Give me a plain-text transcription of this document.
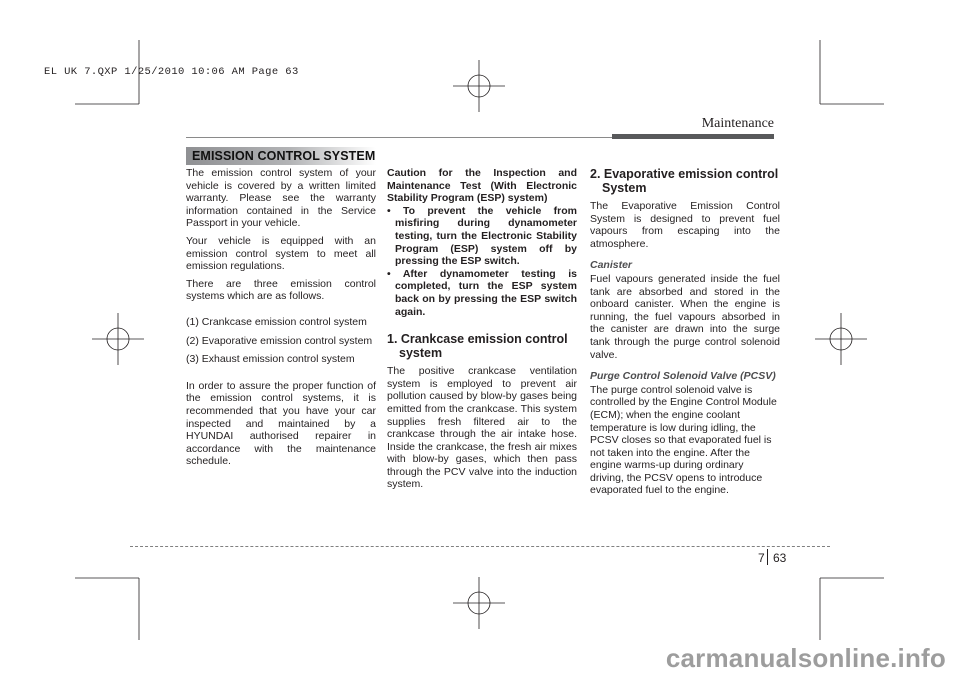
EL UK 7.QXP 1/25/2010 10:06 AM Page 63
Maintenance
EMISSION CONTROL SYSTEM

The emission control system of your vehicle is covered by a written limited warranty. Please see the warranty information contained in the Service Passport in your vehicle.

Your vehicle is equipped with an emission control system to meet all emission regulations.

There are three emission control systems which are as follows.

(1) Crankcase emission control system

(2) Evaporative emission control system

(3) Exhaust emission control system

In order to assure the proper function of the emission control systems, it is recommended that you have your car inspected and maintained by a HYUNDAI authorised repairer in accordance with the maintenance schedule.

Caution for the Inspection and Maintenance Test (With Electronic Stability Program (ESP) system)

• To prevent the vehicle from misfiring during dynamometer testing, turn the Electronic Stability Program (ESP) system off by pressing the ESP switch.
• After dynamometer testing is completed, turn the ESP system back on by pressing the ESP switch again.
1. Crankcase emission control system

The positive crankcase ventilation system is employed to prevent air pollution caused by blow-by gases being emitted from the crankcase. This system supplies fresh filtered air to the crankcase through the air intake hose. Inside the crankcase, the fresh air mixes with blow-by gases, which then pass through the PCV valve into the induction system.

2. Evaporative emission control System

The Evaporative Emission Control System is designed to prevent fuel vapours from escaping into the atmosphere.

Canister

Fuel vapours generated inside the fuel tank are absorbed and stored in the onboard canister. When the engine is running, the fuel vapours absorbed in the canister are drawn into the surge tank through the purge control solenoid valve.

Purge Control Solenoid Valve (PCSV)

The purge control solenoid valve is controlled by the Engine Control Module (ECM); when the engine coolant temperature is low during idling, the PCSV closes so that evaporated fuel is not taken into the engine. After the engine warms-up during ordinary driving, the PCSV opens to introduce evaporated fuel to the engine.

7 63
carmanualsonline.info
